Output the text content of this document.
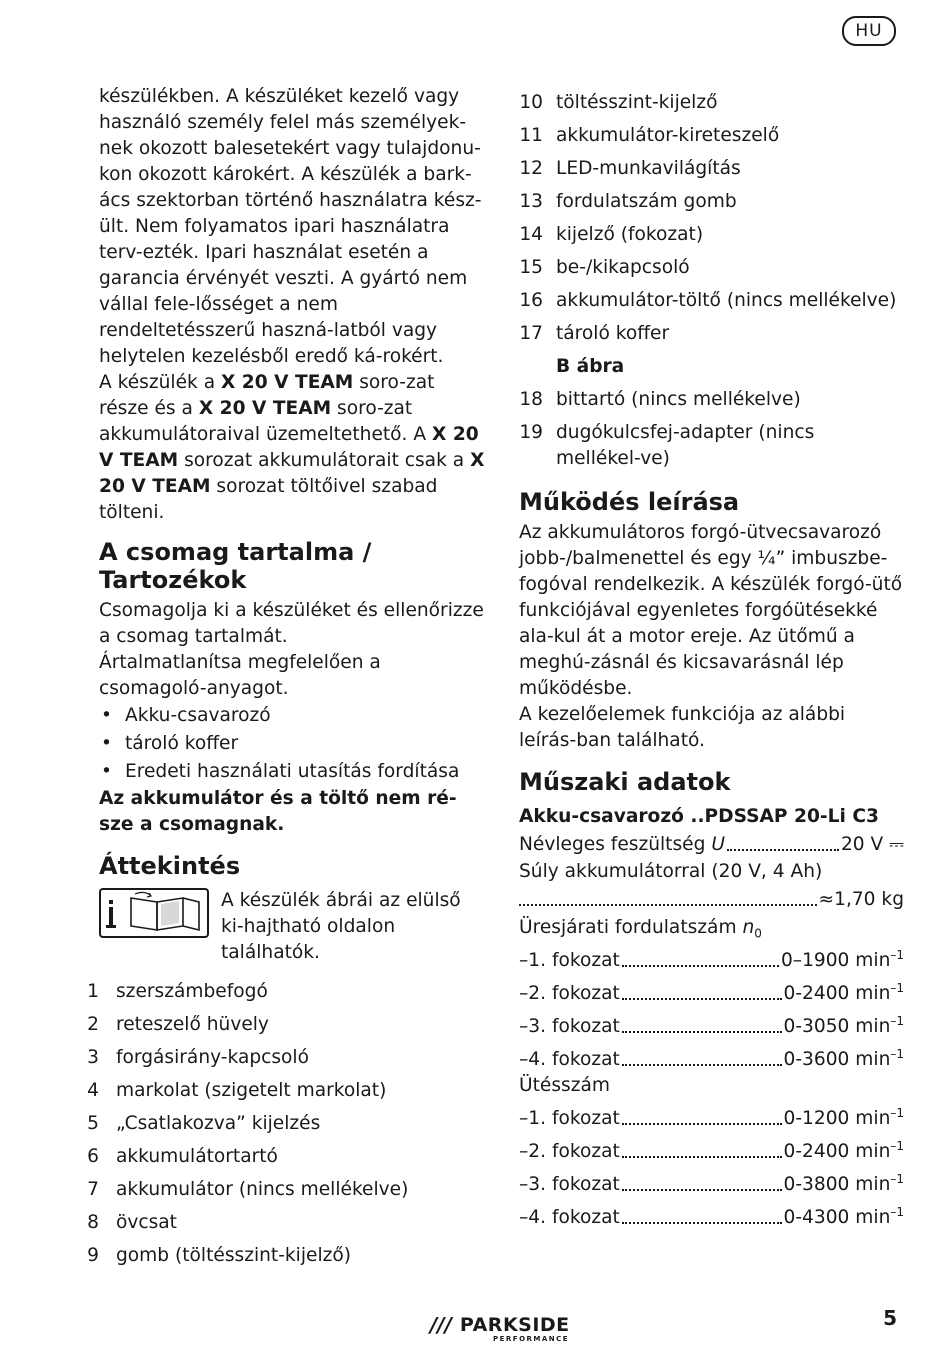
HU

készülékben. A készüléket kezelő vagy használó személy felel más személyek-nek okozott balesetekért vagy tulajdonu-kon okozott károkért. A készülék a bark-ács szektorban történő használatra kész-ült. Nem folyamatos ipari használatra terv-ezték. Ipari használat esetén a garancia érvényét veszti. A gyártó nem vállal fele-lősséget a nem rendeltetésszerű haszná-latból vagy helytelen kezelésből eredő ká-rokért.

A készülék a X 20 V TEAM soro-zat része és a X 20 V TEAM soro-zat akkumulátoraival üzemeltethető. A X 20 V TEAM sorozat akkumulátorait csak a X 20 V TEAM sorozat töltőivel szabad tölteni.

A csomag tartalma / Tartozékok

Csomagolja ki a készüléket és ellenőrizze a csomag tartalmát.

Ártalmatlanítsa megfelelően a csomagoló-anyagot.

• Akku-csavarozó
• tároló koffer
• Eredeti használati utasítás fordítása

Az akkumulátor és a töltő nem ré-sze a csomagnak.

Áttekintés

A készülék ábrái az elülső ki-hajtható oldalon találhatók.

1 szerszámbefogó
2 reteszelő hüvely
3 forgásirány-kapcsoló
4 markolat (szigetelt markolat)
5 „Csatlakozva” kijelzés
6 akkumulátortartó
7 akkumulátor (nincs mellékelve)
8 övcsat
9 gomb (töltésszint-kijelző)
10 töltésszint-kijelző
11 akkumulátor-kireteszelő
12 LED-munkavilágítás
13 fordulatszám gomb
14 kijelző (fokozat)
15 be-/kikapcsoló
16 akkumulátor-töltő (nincs mellékelve)
17 tároló koffer
B ábra
18 bittartó (nincs mellékelve)
19 dugókulcsfej-adapter (nincs mellékel-ve)
Működés leírása

Az akkumulátoros forgó-ütvecsavarozó jobb-/balmenettel és egy ¼” imbuszbe-fogóval rendelkezik. A készülék forgó-ütő funkciójával egyenletes forgóütésekké ala-kul át a motor ereje. Az ütőmű a meghú-zásnál és kicsavarásnál lép működésbe.

A kezelőelemek funkciója az alábbi leírás-ban található.

Műszaki adatok
Akku-csavarozó .. PDSSAP 20-Li C3
Névleges feszültség U	20 V ⎓

Súly akkumulátorral (20 V, 4 Ah)

≈1,70 kg

Üresjárati fordulatszám $n_0$

–1. fokozat	0–1900 $\min^{-1}$
–2. fokozat	0-2400 $\min^{-1}$
–3. fokozat	0-3050 $\min^{-1}$
–4. fokozat	0-3600 $\min^{-1}$

Ütésszám

–1. fokozat	0-1200 $\min^{-1}$
–2. fokozat	0-2400 $\min^{-1}$
–3. fokozat	0-3800 $\min^{-1}$
–4. fokozat	0-4300 $\min^{-1}$
/// PARKSIDE
PERFORMANCE
5
